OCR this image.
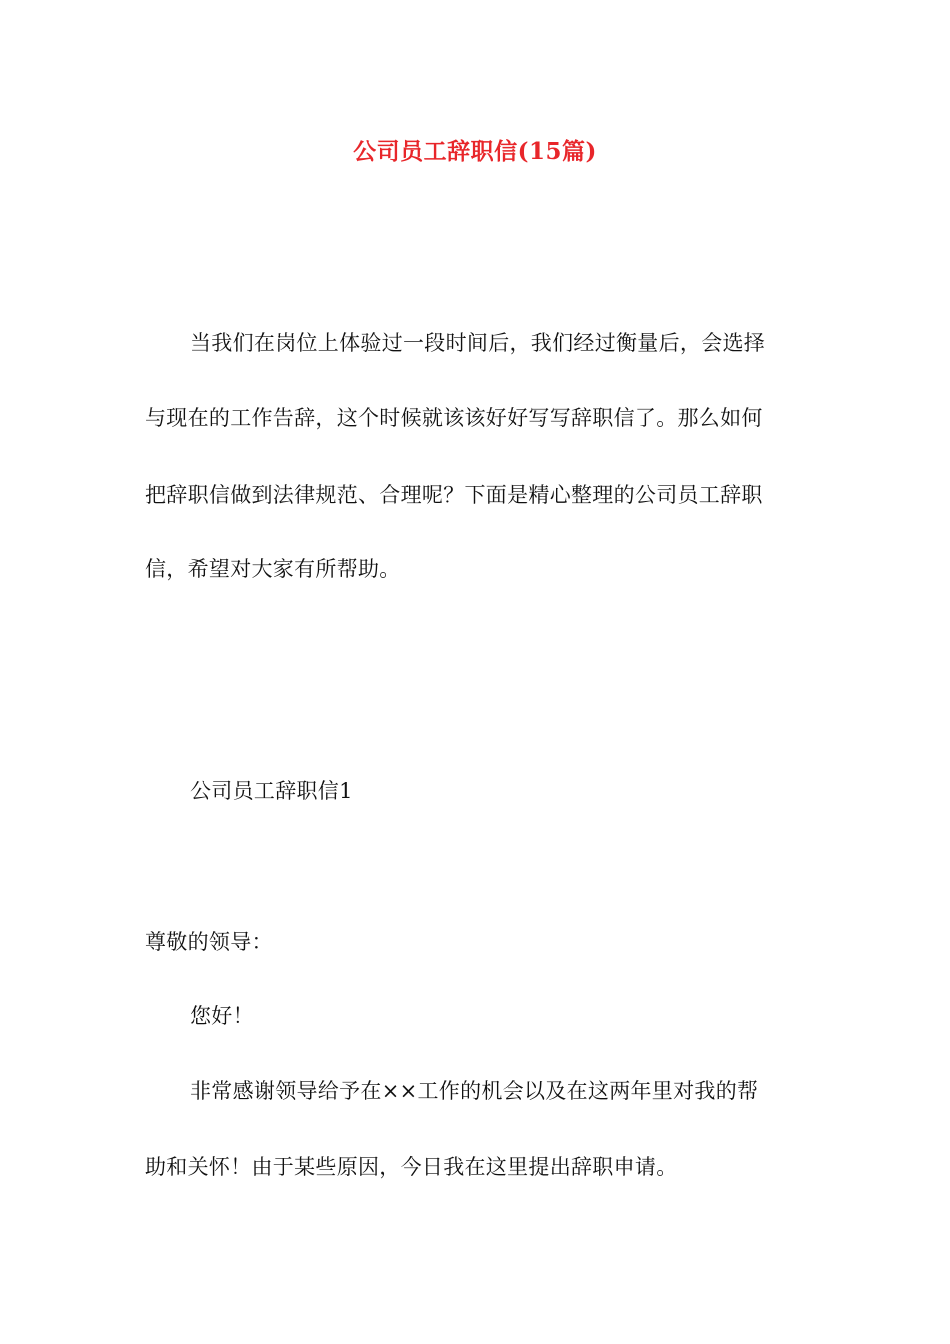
公司员工辞职信(15篇)
当我们在岗位上体验过一段时间后，我们经过衡量后，会选择
与现在的工作告辞，这个时候就该该好好写写辞职信了。那么如何
把辞职信做到法律规范、合理呢？下面是精心整理的公司员工辞职
信，希望对大家有所帮助。
公司员工辞职信1
尊敬的领导：
您好！
非常感谢领导给予在××工作的机会以及在这两年里对我的帮
助和关怀！由于某些原因，今日我在这里提出辞职申请。
